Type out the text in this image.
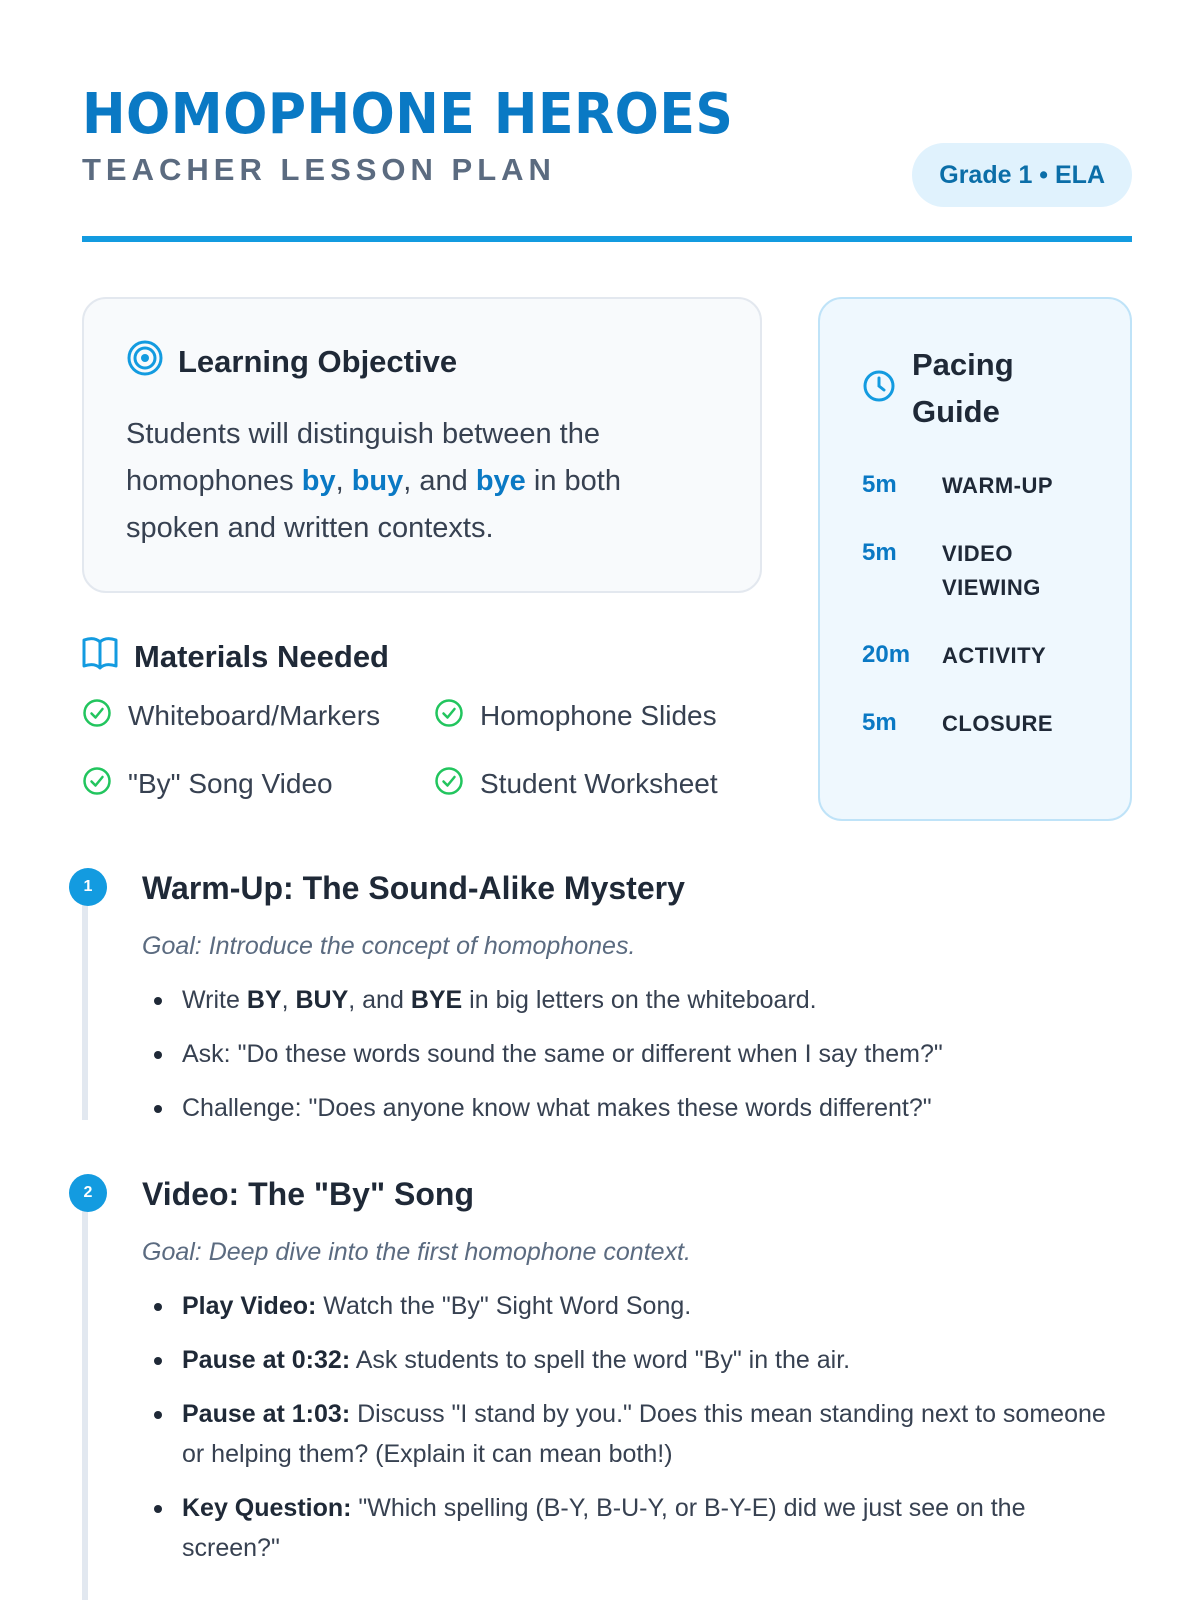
HOMOPHONE HEROES
TEACHER LESSON PLAN	Grade 1 • ELA
Learning Objective

Students will distinguish between the homophones by, buy, and bye in both spoken and written contexts.

Materials Needed
Whiteboard/Markers	Homophone Slides
"By" Song Video	Student Worksheet
Pacing Guide
5m	WARM-UP
5m	VIDEO VIEWING
20m	ACTIVITY
5m	CLOSURE
1	Warm-Up: The Sound-Alike Mystery
Goal: Introduce the concept of homophones.
Write BY, BUY, and BYE in big letters on the whiteboard.
Ask: "Do these words sound the same or different when I say them?"
Challenge: "Does anyone know what makes these words different?"
2	Video: The "By" Song
Goal: Deep dive into the first homophone context.
Play Video: Watch the "By" Sight Word Song.
Pause at 0:32: Ask students to spell the word "By" in the air.
Pause at 1:03: Discuss "I stand by you." Does this mean standing next to someone or helping them? (Explain it can mean both!)
Key Question: "Which spelling (B-Y, B-U-Y, or B-Y-E) did we just see on the screen?"
